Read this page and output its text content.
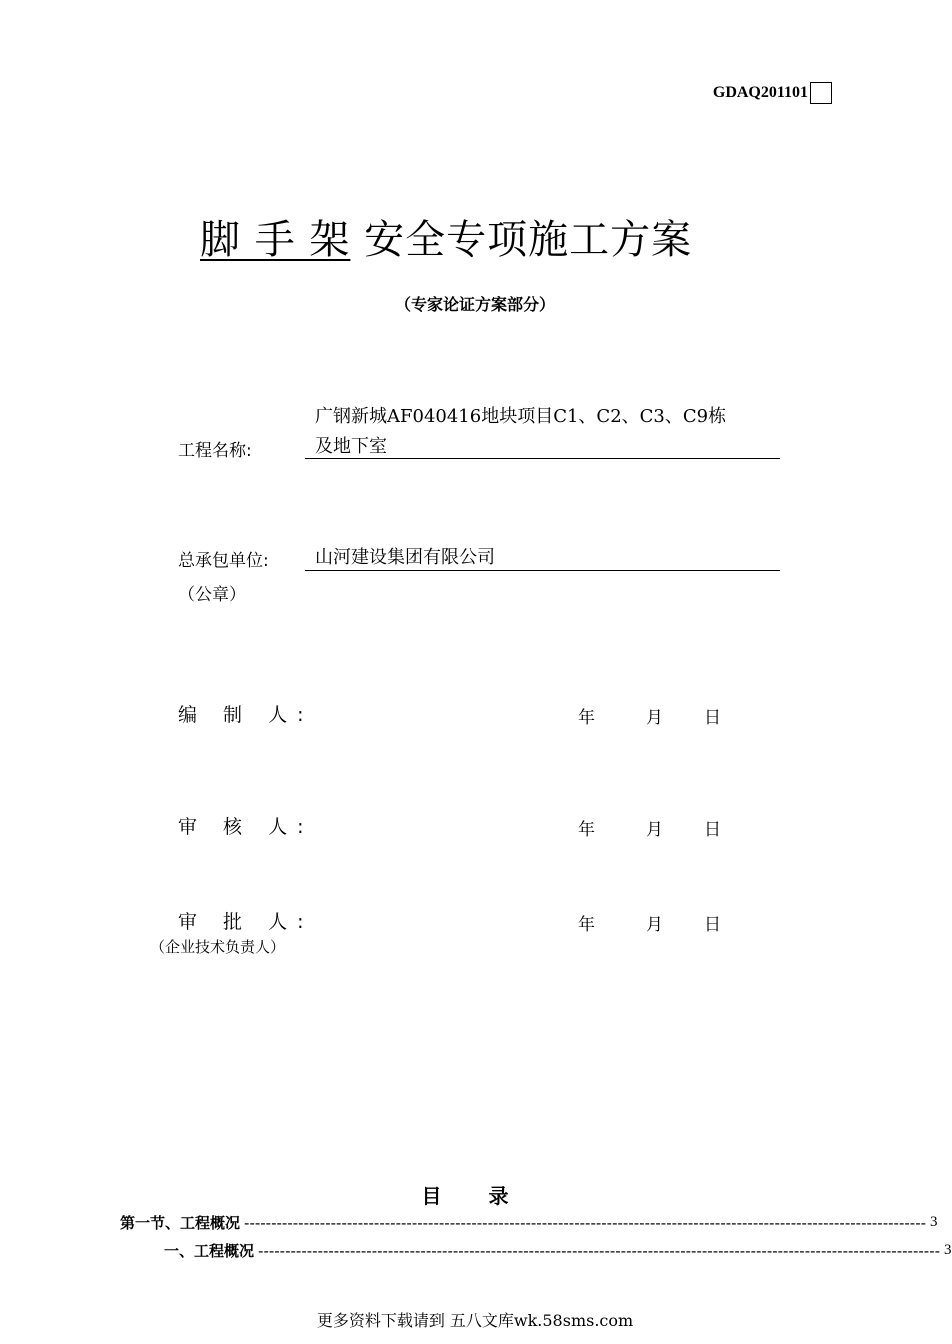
GDAQ201101
脚 手 架 安全专项施工方案
（专家论证方案部分）
工程名称:
广钢新城AF040416地块项目C1、C2、C3、C9栋
及地下室
总承包单位:	山河建设集团有限公司
（公章）
编 制 人:	年	月 日
审 核 人:	年	月 日
审 批 人:	年	月 日
（企业技术负责人）
目 录
第一节、 工程概况 ------------------------------------------------------------------------------------------------------------------------------ 3
一、 工程概况 ------------------------------------------------------------------------------------------------------------------------------ 3
更多资料下载请到 五八文库wk.58sms.com
